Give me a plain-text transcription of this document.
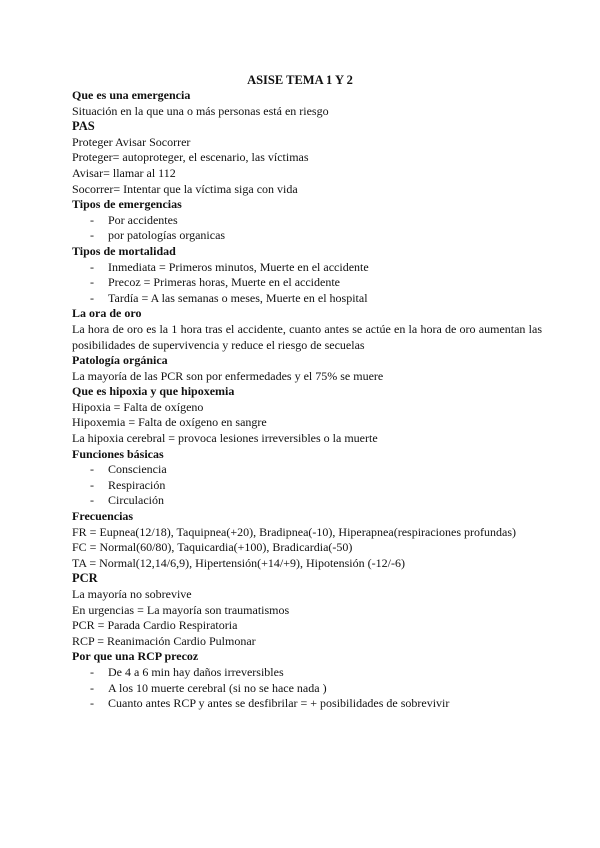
ASISE TEMA 1 Y 2
Que es una emergencia
Situación en la que una o más personas está en riesgo
PAS
Proteger Avisar Socorrer
Proteger= autoproteger, el escenario, las víctimas
Avisar= llamar al 112
Socorrer= Intentar que la víctima siga con vida
Tipos de emergencias
- Por accidentes
- por patologías organicas
Tipos de mortalidad
- Inmediata = Primeros minutos, Muerte en el accidente
- Precoz = Primeras horas, Muerte en el accidente
- Tardía = A las semanas o meses, Muerte en el hospital
La ora de oro
La hora de oro es la 1 hora tras el accidente, cuanto antes se actúe en la hora de oro aumentan las posibilidades de supervivencia y reduce el riesgo de secuelas
Patología orgánica
La mayoría de las PCR son por enfermedades y el 75% se muere
Que es hipoxia y que hipoxemia
Hipoxia = Falta de oxígeno
Hipoxemia = Falta de oxígeno en sangre
La hipoxia cerebral = provoca lesiones irreversibles o la muerte
Funciones básicas
- Consciencia
- Respiración
- Circulación
Frecuencias
FR = Eupnea(12/18), Taquipnea(+20), Bradipnea(-10), Hiperapnea(respiraciones profundas)
FC = Normal(60/80), Taquicardia(+100), Bradicardia(-50)
TA = Normal(12,14/6,9), Hipertensión(+14/+9), Hipotensión (-12/-6)
PCR
La mayoría no sobrevive
En urgencias = La mayoría son traumatismos
PCR = Parada Cardio Respiratoria
RCP = Reanimación Cardio Pulmonar
Por que una RCP precoz
- De 4 a 6 min hay daños irreversibles
- A los 10 muerte cerebral (si no se hace nada )
- Cuanto antes RCP y antes se desfibrilar = + posibilidades de sobrevivir
